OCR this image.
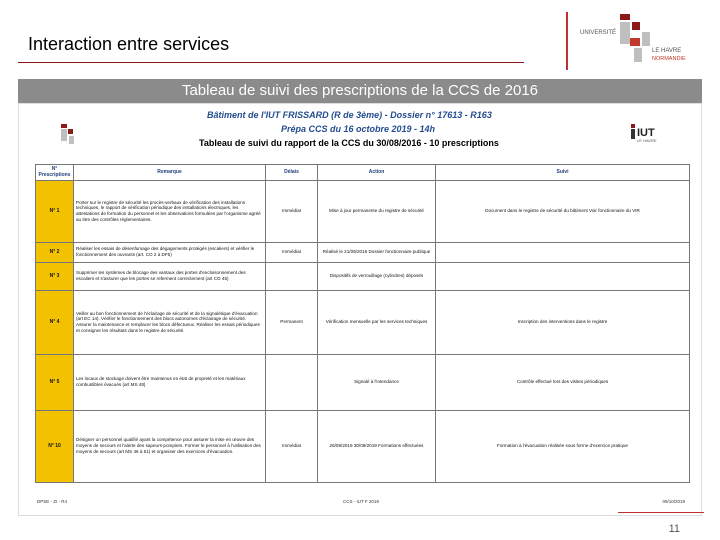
Interaction entre services
UNIVERSITÉ
LE HAVRE
NORMANDIE
Tableau de suivi des prescriptions de la CCS de 2016
Bâtiment de l'IUT FRISSARD (R de 3ème) - Dossier n° 17613 - R163
Prépa CCS du 16 octobre 2019 - 14h
Tableau de suivi du rapport de la CCS du 30/08/2016 - 10 prescriptions
IUT
LE HAVRE
N° Prescriptions	Remarque	Délais	Action	Suivi
N° 1	Porter sur le registre de sécurité les procès-verbaux de vérification des installations techniques, le rapport de vérification périodique des installations électriques, les attestations de formation du personnel et les observations formulées par l'organisme agréé au titre des contrôles réglementaires.	Immédiat	Mise à jour permanente du registre de sécurité	Document dans le registre de sécurité du bâtiment Voir fonctionnaire du VIR
N° 2	Réaliser les essais de désenfumage des dégagements protégés (escaliers) et vérifier le fonctionnement des ouvrants (art. CO 2 à DF5)	Immédiat	Réalisé le 21/09/2016 Dossier fonctionnaire publique	
N° 3	Supprimer les systèmes de blocage des vantaux des portes d'encloisonnement des escaliers et s'assurer que les portes se referment correctement (art CO 45)		Dispositifs de verrouillage (cylindres) déposés	
N° 4	Veiller au bon fonctionnement de l'éclairage de sécurité et de la signalétique d'évacuation (art EC 14). Vérifier le fonctionnement des blocs autonomes d'éclairage de sécurité. Assurer la maintenance et remplacer les blocs défectueux. Réaliser les essais périodiques et consigner les résultats dans le registre de sécurité.	Permanent	Vérification mensuelle par les services techniques	Inscription des interventions dans le registre
N° 5	Les locaux de stockage doivent être maintenus en état de propreté et les matériaux combustibles évacués (art MS 48)		Signalé à l'intendance	Contrôle effectué lors des visites périodiques
N° 10	Désigner un personnel qualifié ayant la compétence pour assurer la mise en œuvre des moyens de secours et l'alerte des sapeurs-pompiers. Former le personnel à l'utilisation des moyens de secours (art MS 46 à 51) et organiser des exercices d'évacuation.	Immédiat	26/09/2019 30/09/2019 Formations effectuées	Formation à l'évacuation réalisée sous forme d'exercice pratique
DPSE - ZI - R4	CCS - IUT F 2019	09/10/2019
11
